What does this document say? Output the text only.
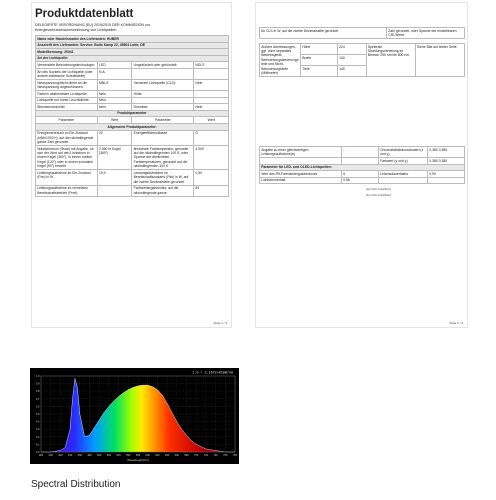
Produktdatenblatt
DELEGIERTE VERORDNUNG (EU) 2019/2015 DER KOMMISSION zur
Energieverbrauchskennzeichnung von Lichtquellen
Name oder Handelsmarke des Lieferanten: HUBER			
Anschrift des Lieferanten: Service: Bullo Kamp 22, 45504 Lotte, DE			
Modellkennung: 20041			
Art der Lichtquelle:			
Verwendete Beleuchtungstechnologie:	LED	Ungekündelt oder gebündelt:	NDLS
Art des Sockels der Lichtquelle (oder andere elektrische Schnittstelle)	N.A.		
Netzspannung/Nicht direkt an die Netzspannung angeschlossen:	MNLS	Vernetzte Lichtquelle (CLS):	Nein
Farbe/h abstimmbare Lichtquelle:	Nein	Hülle:	-
Lichtquelle mit hoher Leuchtdichte:	Nein		
Blendschutzschild:	Nein	Dimmbar:	Nein
Produktparameter			
Parameter	Wert	Parameter	Wert
Allgemeine Produktparameter:			
Energieverbrauch im Ein-Zustand (kWh/1000 h), auf die nächstliegende ganze Zahl gerundet	20	Energieeffizienzklasse	G
Nutzlichtstrom (Φuse) mit Angabe, ob sich der Wert auf den Lichtstrom in einem Kegel (360°), in einem breiten Kegel (120°) oder in einem schmalen Kegel (90°) bezieht	2.360 in Kugel (360°)	ähnlichste Farbtemperatur, gerundet auf die nächstliegenden 100 K, oder Spanne der ähnlichsten Farbtemperaturen, gerundet auf die nächstliegenden 100 K	4.000
Leistungsaufnahme im Ein-Zustand (Pon) in W	19,9	Leistungsaufnahme im Bereitschaftszustand (Psb) in W, auf die zweite Dezimalstelle gerundet	0,50
Leistungsaufnahme im vernetzten Bereitschaftsbetrieb (Pnet)	-	Farbwiedergabeindex, auf die nächstliegende ganze	84
Seite 1 / 3
für CLS in W, auf die zweite Dezimalstelle gerundet	Zahl gerundet, oder Spanne der einstellbaren CRI-Werte
Äußere Abmessungen, ggf. ohne separates Betriebsgerät, Beleuchtungssteuerungsteile und Nicht-Beleuchtungsteile (Millimeter)	Höhe	224	Spektrale Strahlungsverteilung im Bereich 250 nm bis 800 nm	Siehe Bild auf letzter Seite
	Breite	100		
	Tiefe	149		
Angabe zu einer gleichwertigen Leistungsaufnahme(a)	-	Chromatizitätskoordinaten (x und y)	0,380 0,380
		Farbwert (y und y)	0,380 0,380
Parameter für LED- und OLED-Lichtquellen:			
Wert des R9-Farbwiedergabeindexes	6	Lebensdauerfaktor	0,90
Lichtstromerhalt	0,56		
(a) nicht zutreffend
(b) nicht zutreffend
Seite 2 / 3
380 400 420 440 460 480 500 520 540 560 580 600 620 640 660 680 700 720 740 760 780
1.0
0.9
0.8
0.7
0.6
0.5
0.4
0.3
0.2
0.1
0.0
Wavelength[nm]
1.0 = 3.167e+01mW/nm
Spectral Distribution
